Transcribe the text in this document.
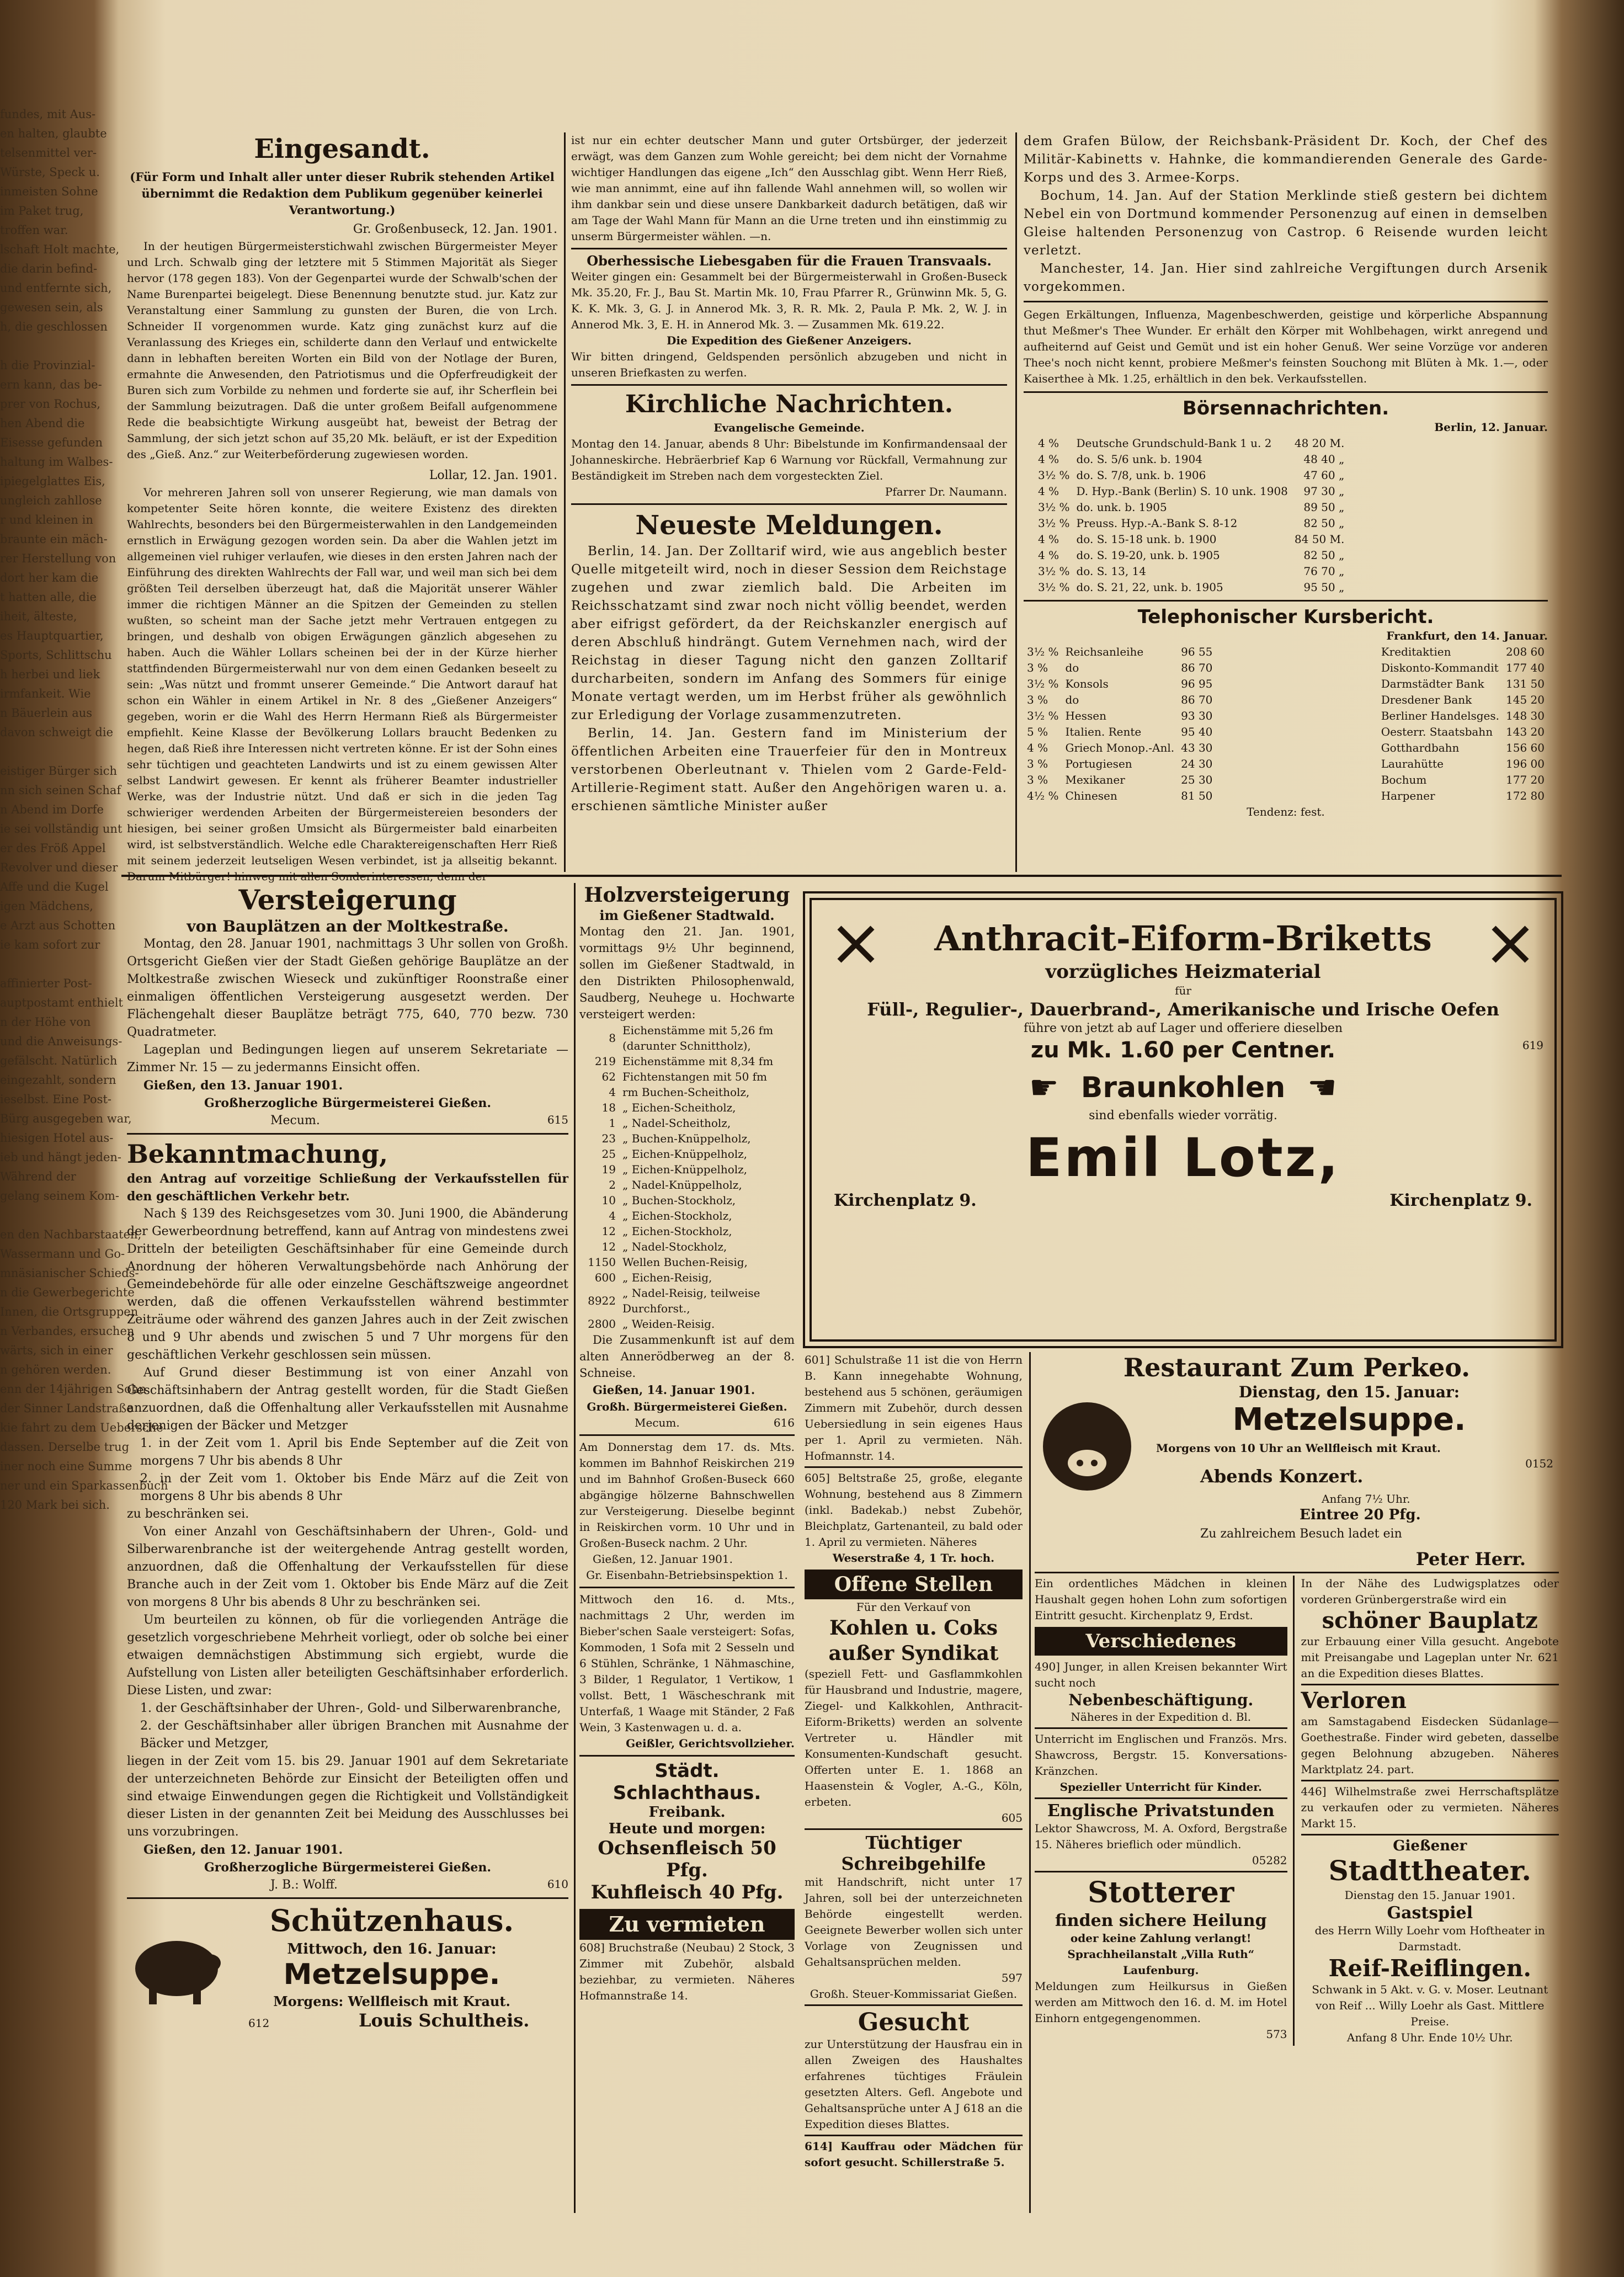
fundes, mit Aus-
en halten, glaubte
telsenmittel ver-
Würste, Speck u.
inmeisten Sohne
im Paket trug,
troffen war.
lschaft Holt machte,
die darin befind-
und entfernte sich,
gewesen sein, als
h, die geschlossen

h die Provinzial-
ern kann, das be-
prer von Rochus,
hen Abend die
Eisesse gefunden
haltung im Walbes-
ipiegelglattes Eis,
ungleich zahllose
r und kleinen in
braunte ein mäch-
rer Herstellung von
dort her kam die
t hatten alle, die
iheit, älteste,
es Hauptquartier,
Sports, Schlittschu
h herbei und liek
irmfankeit. Wie
n Bäuerlein aus
davon schweigt die

eistiger Bürger sich
nn sich seinen Schaf
n Abend im Dorfe
ie sei vollständig unt
er des Fröß Appel
Revolver und dieser
Affe und die Kugel
igen Mädchens,
e Arzt aus Schotten
ie kam sofort zur

affinierter Post-
auptpostamt enthielt
n der Höhe von
und die Anweisungs-
gefälscht. Natürlich
eingezahlt, sondern
ieselbst. Eine Post-
Bürg ausgegeben war,
hiesigen Hotel aus-
ieb und hängt jeden-
Während der
gelang seinem Kom-

en den Nachbarstaaten,
Wassermann und Go-
mnäsianischer Schieds-
n die Gewerbegerichte
Innen, die Ortsgruppen
n Verbandes, ersuchen
wärts, sich in einer
n gehören werden.
enn der 14jährigen Sohn
der Sinner Landstraße
kie fahrt zu dem Uebersche
dassen. Derselbe trug
iner noch eine Summe
ner und ein Sparkassenbuch
120 Mark bei sich.
Eingesandt.
(Für Form und Inhalt aller unter dieser Rubrik stehenden Artikel übernimmt die Redaktion dem Publikum gegenüber keinerlei Verantwortung.)
Gr. Großenbuseck, 12. Jan. 1901.
In der heutigen Bürgermeisterstichwahl zwischen Bürgermeister Meyer und Lrch. Schwalb ging der letztere mit 5 Stimmen Majorität als Sieger hervor (178 gegen 183). Von der Gegenpartei wurde der Schwalb'schen der Name Burenpartei beigelegt. Diese Benennung benutzte stud. jur. Katz zur Veranstaltung einer Sammlung zu gunsten der Buren, die von Lrch. Schneider II vorgenommen wurde. Katz ging zunächst kurz auf die Veranlassung des Krieges ein, schilderte dann den Verlauf und entwickelte dann in lebhaften bereiten Worten ein Bild von der Notlage der Buren, ermahnte die Anwesenden, den Patriotismus und die Opferfreudigkeit der Buren sich zum Vorbilde zu nehmen und forderte sie auf, ihr Scherflein bei der Sammlung beizutragen. Daß die unter großem Beifall aufgenommene Rede die beabsichtigte Wirkung ausgeübt hat, beweist der Betrag der Sammlung, der sich jetzt schon auf 35,20 Mk. beläuft, er ist der Expedition des „Gieß. Anz.“ zur Weiterbeförderung zugewiesen worden.
Lollar, 12. Jan. 1901.
Vor mehreren Jahren soll von unserer Regierung, wie man damals von kompetenter Seite hören konnte, die weitere Existenz des direkten Wahlrechts, besonders bei den Bürgermeisterwahlen in den Landgemeinden ernstlich in Erwägung gezogen worden sein. Da aber die Wahlen jetzt im allgemeinen viel ruhiger verlaufen, wie dieses in den ersten Jahren nach der Einführung des direkten Wahlrechts der Fall war, und weil man sich bei dem größten Teil derselben überzeugt hat, daß die Majorität unserer Wähler immer die richtigen Männer an die Spitzen der Gemeinden zu stellen wußten, so scheint man der Sache jetzt mehr Vertrauen entgegen zu bringen, und deshalb von obigen Erwägungen gänzlich abgesehen zu haben. Auch die Wähler Lollars scheinen bei der in der Kürze hierher stattfindenden Bürgermeisterwahl nur von dem einen Gedanken beseelt zu sein: „Was nützt und frommt unserer Gemeinde.“ Die Antwort darauf hat schon ein Wähler in einem Artikel in Nr. 8 des „Gießener Anzeigers“ gegeben, worin er die Wahl des Herrn Hermann Rieß als Bürgermeister empfiehlt. Keine Klasse der Bevölkerung Lollars braucht Bedenken zu hegen, daß Rieß ihre Interessen nicht vertreten könne. Er ist der Sohn eines sehr tüchtigen und geachteten Landwirts und ist zu einem gewissen Alter selbst Landwirt gewesen. Er kennt als früherer Beamter industrieller Werke, was der Industrie nützt. Und daß er sich in die jeden Tag schwieriger werdenden Arbeiten der Bürgermeistereien besonders der hiesigen, bei seiner großen Umsicht als Bürgermeister bald einarbeiten wird, ist selbstverständlich. Welche edle Charaktereigenschaften Herr Rieß mit seinem jederzeit leutseligen Wesen verbindet, ist ja allseitig bekannt. Darum Mitbürger! hinweg mit allen Sonderinteressen; denn der
ist nur ein echter deutscher Mann und guter Ortsbürger, der jederzeit erwägt, was dem Ganzen zum Wohle gereicht; bei dem nicht der Vornahme wichtiger Handlungen das eigene „Ich“ den Ausschlag gibt. Wenn Herr Rieß, wie man annimmt, eine auf ihn fallende Wahl annehmen will, so wollen wir ihm dankbar sein und diese unsere Dankbarkeit dadurch betätigen, daß wir am Tage der Wahl Mann für Mann an die Urne treten und ihn einstimmig zu unserm Bürgermeister wählen. —n.
Oberhessische Liebesgaben für die Frauen Transvaals.
Weiter gingen ein: Gesammelt bei der Bürgermeisterwahl in Großen-Buseck Mk. 35.20, Fr. J., Bau St. Martin Mk. 10, Frau Pfarrer R., Grünwinn Mk. 5, G. K. K. Mk. 3, G. J. in Annerod Mk. 3, R. R. Mk. 2, Paula P. Mk. 2, W. J. in Annerod Mk. 3, E. H. in Annerod Mk. 3. — Zusammen Mk. 619.22.
Die Expedition des Gießener Anzeigers.
Wir bitten dringend, Geldspenden persönlich abzugeben und nicht in unseren Briefkasten zu werfen.
Kirchliche Nachrichten.
Evangelische Gemeinde.
Montag den 14. Januar, abends 8 Uhr: Bibelstunde im Konfirmandensaal der Johanneskirche. Hebräerbrief Kap 6 Warnung vor Rückfall, Vermahnung zur Beständigkeit im Streben nach dem vorgesteckten Ziel.
Pfarrer Dr. Naumann.
Neueste Meldungen.
Berlin, 14. Jan. Der Zolltarif wird, wie aus angeblich bester Quelle mitgeteilt wird, noch in dieser Session dem Reichstage zugehen und zwar ziemlich bald. Die Arbeiten im Reichsschatzamt sind zwar noch nicht völlig beendet, werden aber eifrigst gefördert, da der Reichskanzler energisch auf deren Abschluß hindrängt. Gutem Vernehmen nach, wird der Reichstag in dieser Tagung nicht den ganzen Zolltarif durcharbeiten, sondern im Anfang des Sommers für einige Monate vertagt werden, um im Herbst früher als gewöhnlich zur Erledigung der Vorlage zusammenzutreten.
Berlin, 14. Jan. Gestern fand im Ministerium der öffentlichen Arbeiten eine Trauerfeier für den in Montreux verstorbenen Oberleutnant v. Thielen vom 2 Garde-Feld-Artillerie-Regiment statt. Außer den Angehörigen waren u. a. erschienen sämtliche Minister außer
dem Grafen Bülow, der Reichsbank-Präsident Dr. Koch, der Chef des Militär-Kabinetts v. Hahnke, die kommandierenden Generale des Garde-Korps und des 3. Armee-Korps.
Bochum, 14. Jan. Auf der Station Merklinde stieß gestern bei dichtem Nebel ein von Dortmund kommender Personenzug auf einen in demselben Gleise haltenden Personenzug von Castrop. 6 Reisende wurden leicht verletzt.
Manchester, 14. Jan. Hier sind zahlreiche Vergiftungen durch Arsenik vorgekommen.
Gegen Erkältungen, Influenza, Magenbeschwerden, geistige und körperliche Abspannung thut Meßmer's Thee Wunder. Er erhält den Körper mit Wohlbehagen, wirkt anregend und aufheiternd auf Geist und Gemüt und ist ein hoher Genuß. Wer seine Vorzüge vor anderen Thee's noch nicht kennt, probiere Meßmer's feinsten Souchong mit Blüten à Mk. 1.—, oder Kaiserthee à Mk. 1.25, erhältlich in den bek. Verkaufsstellen.
Börsennachrichten.
Berlin, 12. Januar.
4 %	Deutsche Grundschuld-Bank 1 u. 2	48 20 M.
4 %	do. S. 5/6 unk. b. 1904	48 40 „
3½ %	do. S. 7/8, unk. b. 1906	47 60 „
4 %	D. Hyp.-Bank (Berlin) S. 10 unk. 1908	97 30 „
3½ %	do. unk. b. 1905	89 50 „
3½ %	Preuss. Hyp.-A.-Bank S. 8-12	82 50 „
4 %	do. S. 15-18 unk. b. 1900	84 50 M.
4 %	do. S. 19-20, unk. b. 1905	82 50 „
3½ %	do. S. 13, 14	76 70 „
3½ %	do. S. 21, 22, unk. b. 1905	95 50 „
Telephonischer Kursbericht.
Frankfurt, den 14. Januar.
3½ %	Reichsanleihe	96 55
3 %	do	86 70
3½ %	Konsols	96 95
3 %	do	86 70
3½ %	Hessen	93 30
5 %	Italien. Rente	95 40
4 %	Griech Monop.-Anl.	43 30
3 %	Portugiesen	24 30
3 %	Mexikaner	25 30
4½ %	Chinesen	81 50
Kreditaktien	208 60
Diskonto-Kommandit	177 40
Darmstädter Bank	131 50
Dresdener Bank	145 20
Berliner Handelsges.	148 30
Oesterr. Staatsbahn	143 20
Gotthardbahn	156 60
Laurahütte	196 00
Bochum	177 20
Harpener	172 80
Tendenz: fest.
Versteigerung
von Bauplätzen an der Moltkestraße.
Montag, den 28. Januar 1901, nachmittags 3 Uhr sollen von Großh. Ortsgericht Gießen vier der Stadt Gießen gehörige Bauplätze an der Moltkestraße zwischen Wieseck und zukünftiger Roonstraße einer einmaligen öffentlichen Versteigerung ausgesetzt werden. Der Flächengehalt dieser Bauplätze beträgt 775, 640, 770 bezw. 730 Quadratmeter.
Lageplan und Bedingungen liegen auf unserem Sekretariate — Zimmer Nr. 15 — zu jedermanns Einsicht offen.
Gießen, den 13. Januar 1901.
Großherzogliche Bürgermeisterei Gießen.
Mecum.	615
Bekanntmachung,
den Antrag auf vorzeitige Schließung der Verkaufsstellen für den geschäftlichen Verkehr betr.
Nach § 139 des Reichsgesetzes vom 30. Juni 1900, die Abänderung der Gewerbeordnung betreffend, kann auf Antrag von mindestens zwei Dritteln der beteiligten Geschäftsinhaber für eine Gemeinde durch Anordnung der höheren Verwaltungsbehörde nach Anhörung der Gemeindebehörde für alle oder einzelne Geschäftszweige angeordnet werden, daß die offenen Verkaufsstellen während bestimmter Zeiträume oder während des ganzen Jahres auch in der Zeit zwischen 8 und 9 Uhr abends und zwischen 5 und 7 Uhr morgens für den geschäftlichen Verkehr geschlossen sein müssen.
Auf Grund dieser Bestimmung ist von einer Anzahl von Geschäftsinhabern der Antrag gestellt worden, für die Stadt Gießen anzuordnen, daß die Offenhaltung aller Verkaufsstellen mit Ausnahme derjenigen der Bäcker und Metzger
1. in der Zeit vom 1. April bis Ende September auf die Zeit von morgens 7 Uhr bis abends 8 Uhr
2. in der Zeit vom 1. Oktober bis Ende März auf die Zeit von morgens 8 Uhr bis abends 8 Uhr
zu beschränken sei.
Von einer Anzahl von Geschäftsinhabern der Uhren-, Gold- und Silberwarenbranche ist der weitergehende Antrag gestellt worden, anzuordnen, daß die Offenhaltung der Verkaufsstellen für diese Branche auch in der Zeit vom 1. Oktober bis Ende März auf die Zeit von morgens 8 Uhr bis abends 8 Uhr zu beschränken sei.
Um beurteilen zu können, ob für die vorliegenden Anträge die gesetzlich vorgeschriebene Mehrheit vorliegt, oder ob solche bei einer etwaigen demnächstigen Abstimmung sich ergiebt, wurde die Aufstellung von Listen aller beteiligten Geschäftsinhaber erforderlich. Diese Listen, und zwar:
1. der Geschäftsinhaber der Uhren-, Gold- und Silberwarenbranche,
2. der Geschäftsinhaber aller übrigen Branchen mit Ausnahme der Bäcker und Metzger,
liegen in der Zeit vom 15. bis 29. Januar 1901 auf dem Sekretariate der unterzeichneten Behörde zur Einsicht der Beteiligten offen und sind etwaige Einwendungen gegen die Richtigkeit und Vollständigkeit dieser Listen in der genannten Zeit bei Meidung des Ausschlusses bei uns vorzubringen.
Gießen, den 12. Januar 1901.
Großherzogliche Bürgermeisterei Gießen.
J. B.: Wolff.	610
Schützenhaus.
Mittwoch, den 16. Januar:
Metzelsuppe.
Morgens: Wellfleisch mit Kraut.
612	Louis Schultheis.
Holzversteigerung
im Gießener Stadtwald.
Montag den 21. Jan. 1901, vormittags 9½ Uhr beginnend, sollen im Gießener Stadtwald, in den Distrikten Philosophenwald, Saudberg, Neuhege u. Hochwarte versteigert werden:
8	Eichenstämme mit 5,26 fm (darunter Schnittholz),
219	Eichenstämme mit 8,34 fm
62	Fichtenstangen mit 50 fm
4	rm Buchen-Scheitholz,
18	„ Eichen-Scheitholz,
1	„ Nadel-Scheitholz,
23	„ Buchen-Knüppelholz,
25	„ Eichen-Knüppelholz,
19	„ Eichen-Knüppelholz,
2	„ Nadel-Knüppelholz,
10	„ Buchen-Stockholz,
4	„ Eichen-Stockholz,
12	„ Eichen-Stockholz,
12	„ Nadel-Stockholz,
1150	Wellen Buchen-Reisig,
600	„ Eichen-Reisig,
8922	„ Nadel-Reisig, teilweise Durchforst.,
2800	„ Weiden-Reisig.
Die Zusammenkunft ist auf dem alten Annerödberweg an der 8. Schneise.
Gießen, 14. Januar 1901.
Großh. Bürgermeisterei Gießen.
Mecum.	616
Am Donnerstag dem 17. ds. Mts. kommen im Bahnhof Reiskirchen 219 und im Bahnhof Großen-Buseck 660 abgängige hölzerne Bahnschwellen zur Versteigerung. Dieselbe beginnt in Reiskirchen vorm. 10 Uhr und in Großen-Buseck nachm. 2 Uhr.
Gießen, 12. Januar 1901.
Gr. Eisenbahn-Betriebsinspektion 1.
Mittwoch den 16. d. Mts., nachmittags 2 Uhr, werden im Bieber'schen Saale versteigert: Sofas, Kommoden, 1 Sofa mit 2 Sesseln und 6 Stühlen, Schränke, 1 Nähmaschine, 3 Bilder, 1 Regulator, 1 Vertikow, 1 vollst. Bett, 1 Wäscheschrank mit Unterfaß, 1 Waage mit Ständer, 2 Faß Wein, 3 Kastenwagen u. d. a.
Geißler, Gerichtsvollzieher.
Städt. Schlachthaus.
Freibank.
Heute und morgen:
Ochsenfleisch 50 Pfg.
Kuhfleisch 40 Pfg.
Zu vermieten
608] Bruchstraße (Neubau) 2 Stock, 3 Zimmer mit Zubehör, alsbald beziehbar, zu vermieten. Näheres Hofmannstraße 14.
Anthracit-Eiform-Briketts
vorzügliches Heizmaterial
für
Füll-, Regulier-, Dauerbrand-, Amerikanische und Irische Oefen
führe von jetzt ab auf Lager und offeriere dieselben
zu Mk. 1.60 per Centner.	619
☛ Braunkohlen ☛
sind ebenfalls wieder vorrätig.
Emil Lotz,
Kirchenplatz 9.	Kirchenplatz 9.
601] Schulstraße 11 ist die von Herrn B. Kann innegehabte Wohnung, bestehend aus 5 schönen, geräumigen Zimmern mit Zubehör, durch dessen Uebersiedlung in sein eigenes Haus per 1. April zu vermieten. Näh. Hofmannstr. 14.
605] Beltstraße 25, große, elegante Wohnung, bestehend aus 8 Zimmern (inkl. Badekab.) nebst Zubehör, Bleichplatz, Gartenanteil, zu bald oder 1. April zu vermieten. Näheres
Weserstraße 4, 1 Tr. hoch.
Offene Stellen
Für den Verkauf von
Kohlen u. Coks außer Syndikat
(speziell Fett- und Gasflammkohlen für Hausbrand und Industrie, magere, Ziegel- und Kalkkohlen, Anthracit-Eiform-Briketts) werden an solvente Vertreter u. Händler mit Konsumenten-Kundschaft gesucht. Offerten unter E. 1. 1868 an Haasenstein & Vogler, A.-G., Köln, erbeten.
605
Tüchtiger Schreibgehilfe
mit Handschrift, nicht unter 17 Jahren, soll bei der unterzeichneten Behörde eingestellt werden. Geeignete Bewerber wollen sich unter Vorlage von Zeugnissen und Gehaltsansprüchen melden.
597
Großh. Steuer-Kommissariat Gießen.
Gesucht
zur Unterstützung der Hausfrau ein in allen Zweigen des Haushaltes erfahrenes tüchtiges Fräulein gesetzten Alters. Gefl. Angebote und Gehaltsansprüche unter A J 618 an die Expedition dieses Blattes.
614] Kauffrau oder Mädchen für sofort gesucht. Schillerstraße 5.
Restaurant Zum Perkeo.
Dienstag, den 15. Januar:
Metzelsuppe.
Morgens von 10 Uhr an Wellfleisch mit Kraut.
0152
Abends Konzert.
Anfang 7½ Uhr.
Eintree 20 Pfg.
Zu zahlreichem Besuch ladet ein
Peter Herr.
Ein ordentliches Mädchen in kleinen Haushalt gegen hohen Lohn zum sofortigen Eintritt gesucht. Kirchenplatz 9, Erdst.
Verschiedenes
490] Junger, in allen Kreisen bekannter Wirt sucht noch
Nebenbeschäftigung.
Näheres in der Expedition d. Bl.
Unterricht im Englischen und Französ. Mrs. Shawcross, Bergstr. 15. Konversations-Kränzchen.
Spezieller Unterricht für Kinder.
Englische Privatstunden
Lektor Shawcross, M. A. Oxford, Bergstraße 15. Näheres brieflich oder mündlich.
05282
Stotterer
finden sichere Heilung
oder keine Zahlung verlangt! Sprachheilanstalt „Villa Ruth“ Laufenburg.
Meldungen zum Heilkursus in Gießen werden am Mittwoch den 16. d. M. im Hotel Einhorn entgegengenommen.
573
In der Nähe des Ludwigsplatzes oder vorderen Grünbergerstraße wird ein
schöner Bauplatz
zur Erbauung einer Villa gesucht. Angebote mit Preisangabe und Lageplan unter Nr. 621 an die Expedition dieses Blattes.
Verloren
am Samstagabend Eisdecken Südanlage—Goethestraße. Finder wird gebeten, dasselbe gegen Belohnung abzugeben. Näheres Marktplatz 24. part.
446] Wilhelmstraße zwei Herrschaftsplätze zu verkaufen oder zu vermieten. Näheres Markt 15.
Gießener
Stadttheater.
Dienstag den 15. Januar 1901.
Gastspiel
des Herrn Willy Loehr vom Hoftheater in Darmstadt.
Reif-Reiflingen.
Schwank in 5 Akt. v. G. v. Moser. Leutnant von Reif ... Willy Loehr als Gast. Mittlere Preise.
Anfang 8 Uhr. Ende 10½ Uhr.
